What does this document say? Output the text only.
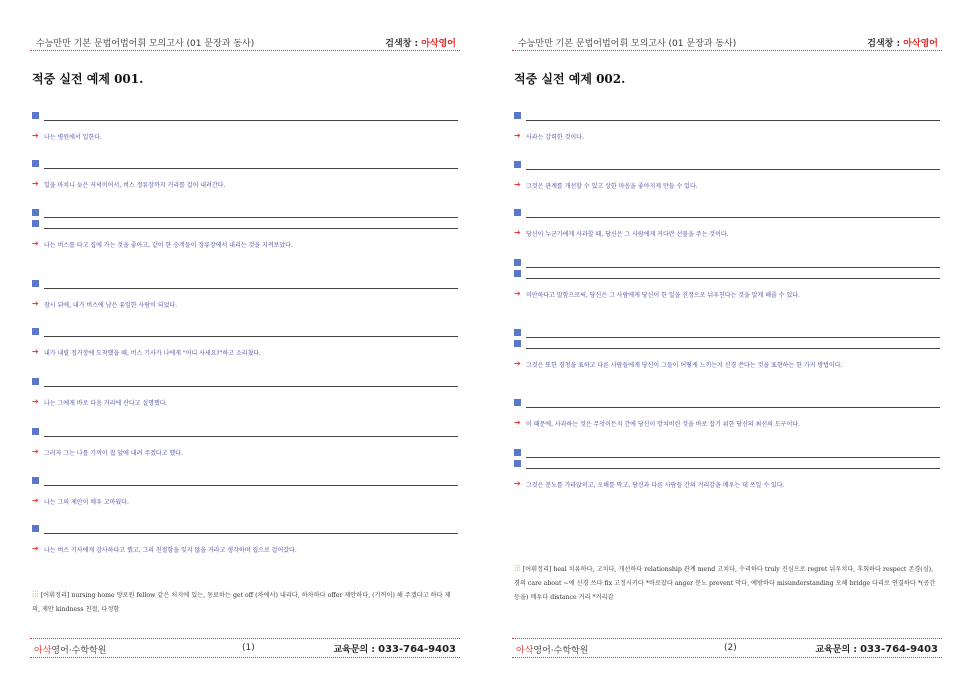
수능만만 기본 문법어법어휘 모의고사 (01 문장과 동사)	검색창 : 아삭영어
적중 실전 예제 001.
➔ 나는 병원에서 일한다.
➔ 일을 마치니 늦은 저녁이어서, 버스 정류장까지 거리를 걸어 내려간다.
➔ 나는 버스를 타고 집에 가는 것을 좋아고, 같이 한 승객들이 정류장에서 내리는 것을 지켜보았다.
➔ 잠시 뒤에, 내가 버스에 남은 유일한 사람이 되었다.
➔ 내가 내릴 정거장에 도착했을 때, 버스 기사가 나에게 "어디 사세요?"하고 소리쳤다.
➔ 나는 그에게 바로 다음 거리에 산다고 설명했다.
➔ 그러자 그는 나를 기꺼이 집 앞에 내려 주겠다고 했다.
➔ 나는 그의 제안이 매우 고마웠다.
➔ 나는 버스 기사에게 감사하다고 했고, 그의 친절함을 잊지 않을 거라고 생각하며 집으로 걸어갔다.
⁞⁞⁞ [어휘정리] nursing home 양로원 fellow 같은 처지에 있는, 동료하는 get off (차에서) 내리다, 하차하다 offer 제안하다, (기꺼이) 해 주겠다고 하다 제의, 제안 kindness 친절, 다정함
아삭영어·수학학원	(1)	교육문의 : 033-764-9403
수능만만 기본 문법어법어휘 모의고사 (01 문장과 동사)	검색창 : 아삭영어
적중 실전 예제 002.
➔ 사과는 강력한 것이다.
➔ 그것은 관계를 개선할 수 있고 상한 마음을 좋아지게 만들 수 있다.
➔ 당신이 누군가에게 사과할 때, 당신은 그 사람에게 커다란 선물을 주는 것이다.
➔ 미안하다고 말함으로써, 당신은 그 사람에게 당신이 한 일을 진정으로 뉘우친다는 것을 알게 해줄 수 있다.
➔ 그것은 또한 경청을 표하고 다른 사람들에게 당신이 그들이 어떻게 느끼는지 신경 쓴다는 것을 표현하는 한 가지 방법이다.
➔ 이 때문에, 사과하는 것은 무엇이든지 간에 당신이 망쳐버린 것을 바로 잡기 위한 당신의 최선의 도구이다.
➔ 그것은 분노를 가라앉히고, 오해를 막고, 당신과 다른 사람들 간의 거리감을 메우는 데 쓰일 수 있다.
⁞⁞⁞ [어휘정리] heal 치유하다, 고치다, 개선하다 relationship 관계 mend 고치다, 수리하다 truly 진심으로 regret 뉘우치다, 후회하다 respect 존경(심), 경의 care about ~에 신경 쓰다 fix 고정시키다 *바로잡다 anger 분노 prevent 막다, 예방하다 misunderstanding 오해 bridge 다리로 연결하다 *(공간 등을) 메우다 distance 거리 *거리감
아삭영어·수학학원	(2)	교육문의 : 033-764-9403
